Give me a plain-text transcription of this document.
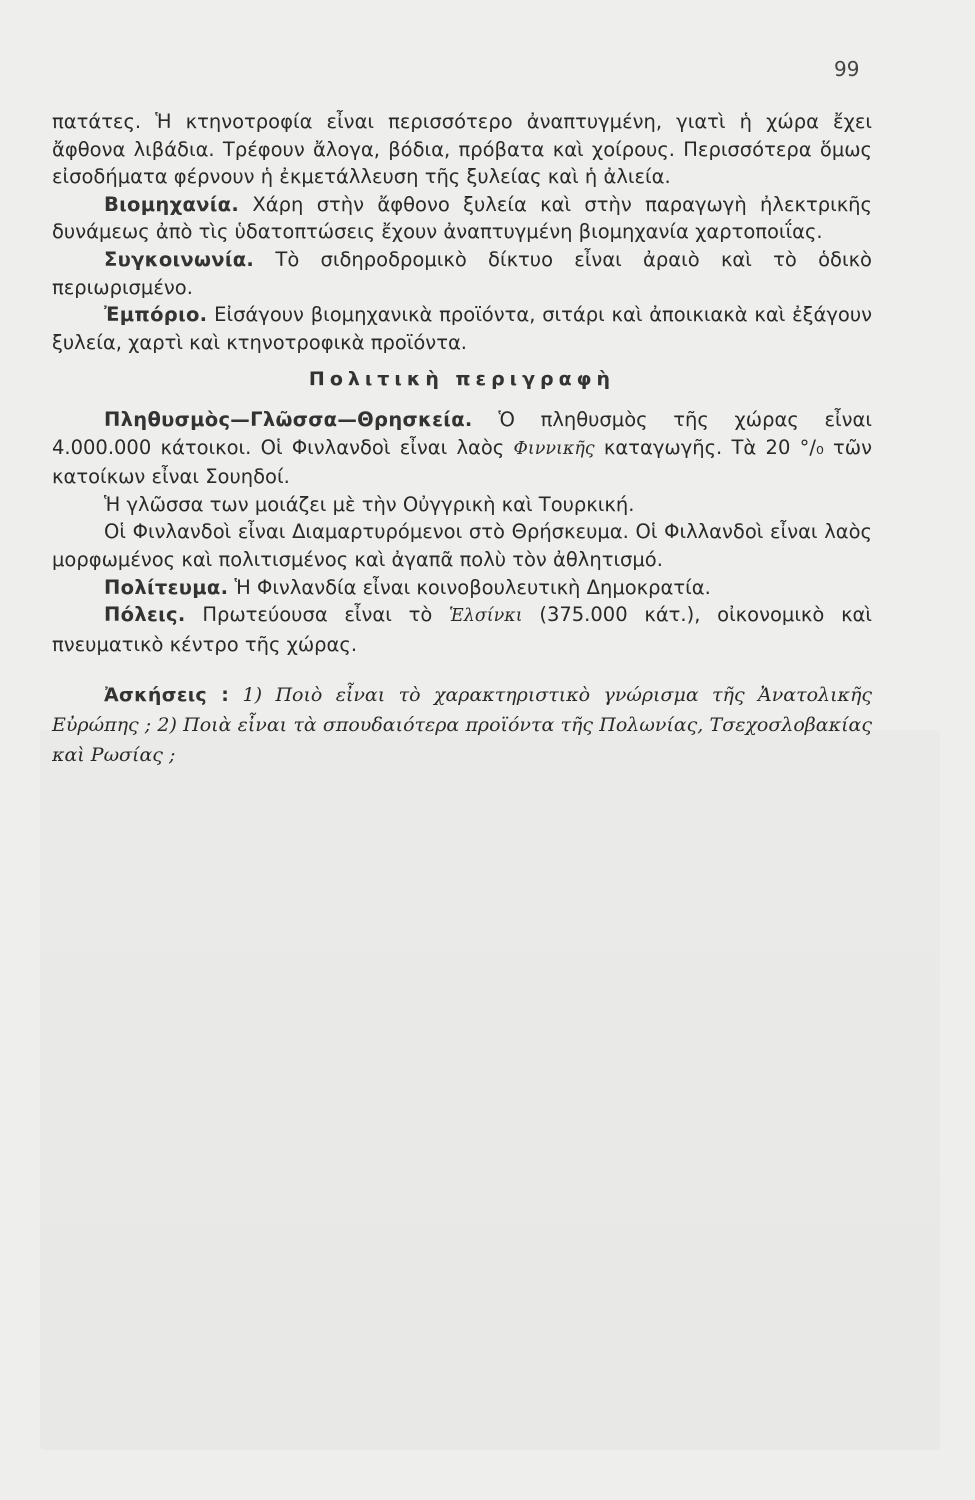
99

πατάτες. Ἡ κτηνοτροφία εἶναι περισσότερο ἀναπτυγμένη, γιατὶ ἡ χώρα ἔχει ἄφθονα λιβάδια. Τρέφουν ἄλογα, βόδια, πρόβατα καὶ χοίρους. Περισσότερα ὅμως εἰσοδήματα φέρνουν ἡ ἐκμετάλλευση τῆς ξυλείας καὶ ἡ ἀλιεία.

Βιομηχανία. Χάρη στὴν ἄφθονο ξυλεία καὶ στὴν παραγωγὴ ἠλεκτρικῆς δυνάμεως ἀπὸ τὶς ὑδατοπτώσεις ἔχουν ἀναπτυγμένη βιομηχανία χαρτοποιΐας.

Συγκοινωνία. Τὸ σιδηροδρομικὸ δίκτυο εἶναι ἀραιὸ καὶ τὸ ὁδικὸ περιωρισμένο.

Ἐμπόριο. Εἰσάγουν βιομηχανικὰ προϊόντα, σιτάρι καὶ ἀποικιακὰ καὶ ἐξάγουν ξυλεία, χαρτὶ καὶ κτηνοτροφικὰ προϊόντα.

Πολιτικὴ περιγραφὴ

Πληθυσμὸς—Γλῶσσα—Θρησκεία. Ὁ πληθυσμὸς τῆς χώρας εἶναι 4.000.000 κάτοικοι. Οἱ Φινλανδοὶ εἶναι λαὸς Φιννικῆς καταγωγῆς. Τὰ 20 °/₀ τῶν κατοίκων εἶναι Σουηδοί.

Ἡ γλῶσσα των μοιάζει μὲ τὴν Οὐγγρικὴ καὶ Τουρκική.

Οἱ Φινλανδοὶ εἶναι Διαμαρτυρόμενοι στὸ Θρήσκευμα. Οἱ Φιλλανδοὶ εἶναι λαὸς μορφωμένος καὶ πολιτισμένος καὶ ἀγαπᾶ πολὺ τὸν ἀθλητισμό.

Πολίτευμα. Ἡ Φινλανδία εἶναι κοινοβουλευτικὴ Δημοκρατία.

Πόλεις. Πρωτεύουσα εἶναι τὸ Ἑλσίνκι (375.000 κάτ.), οἰκονομικὸ καὶ πνευματικὸ κέντρο τῆς χώρας.

Ἀσκήσεις : 1) Ποιὸ εἶναι τὸ χαρακτηριστικὸ γνώρισμα τῆς Ἀνατολικῆς Εὐρώπης ; 2) Ποιὰ εἶναι τὰ σπουδαιότερα προϊόντα τῆς Πολωνίας, Τσεχοσλοβακίας καὶ Ρωσίας ;
